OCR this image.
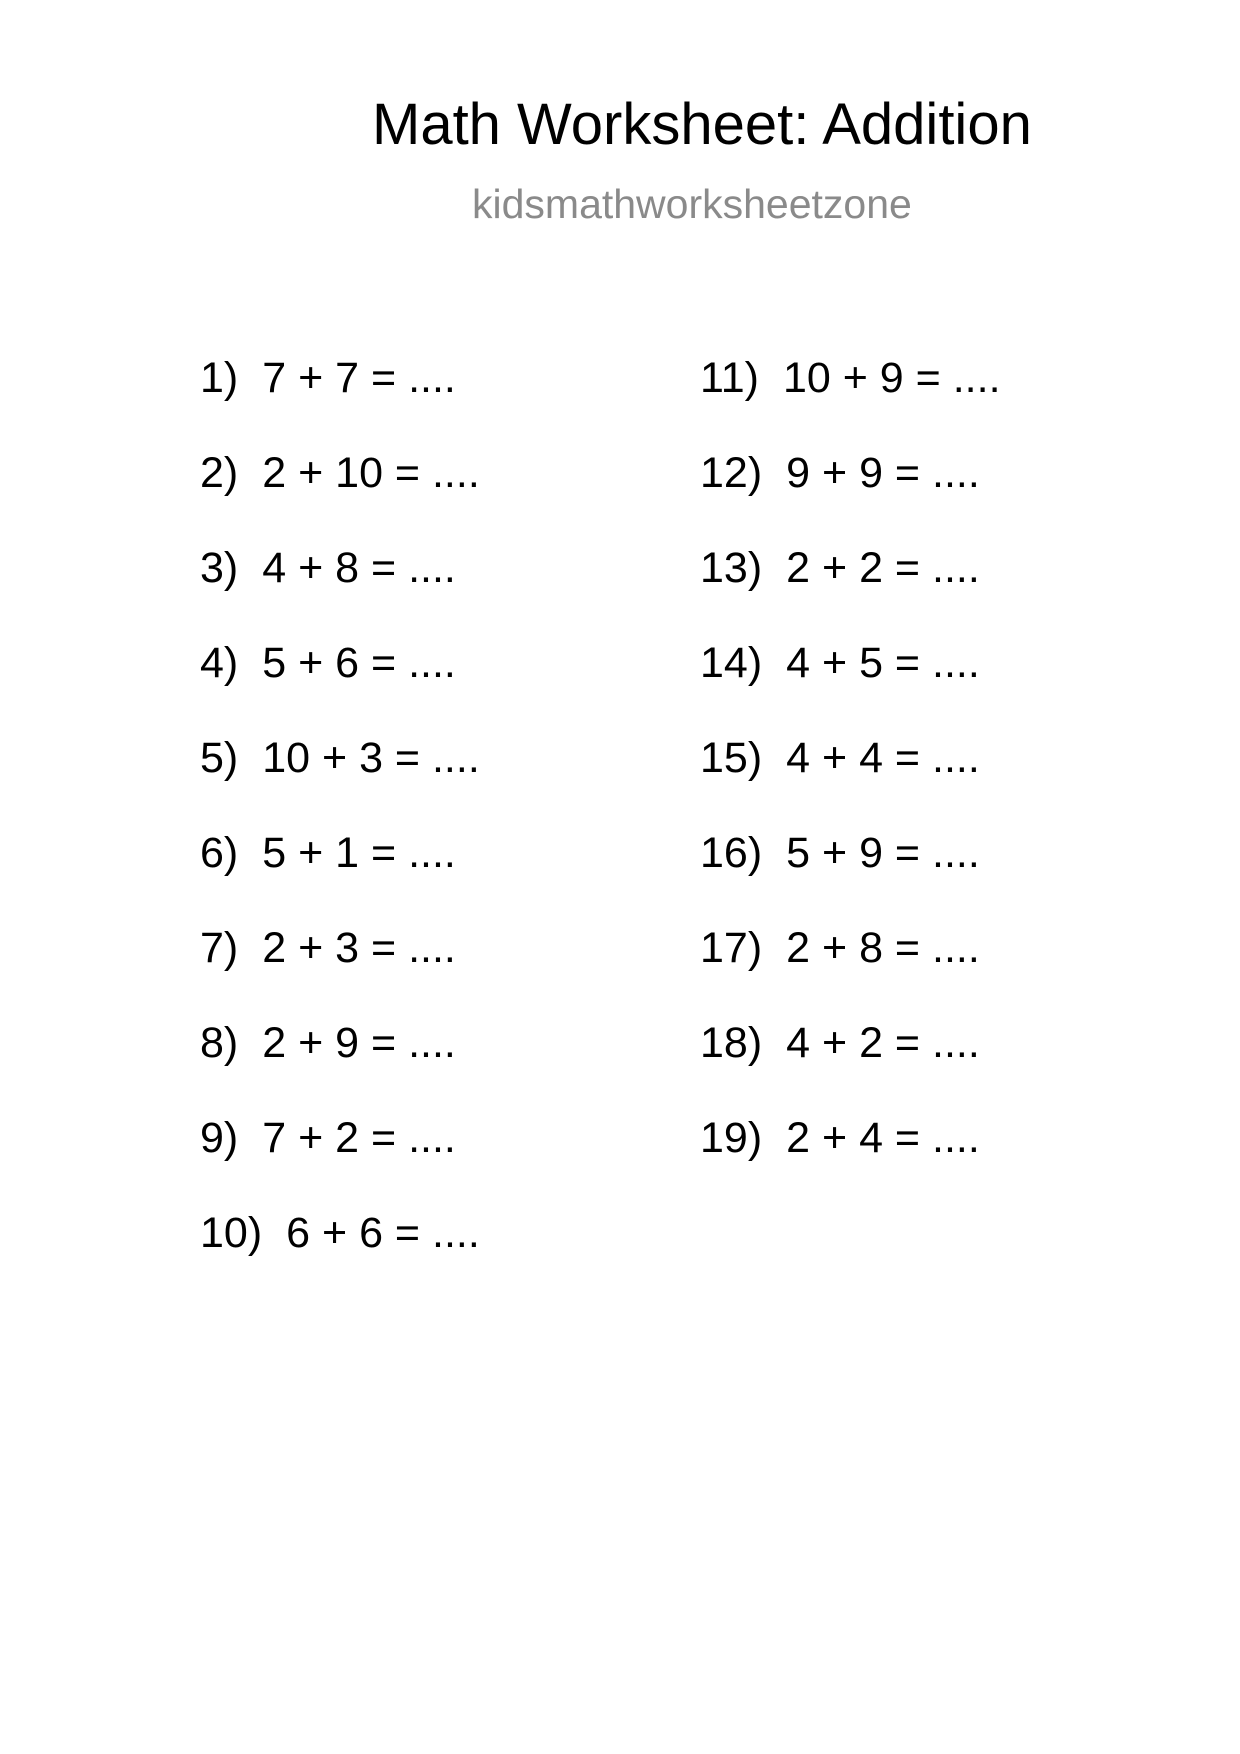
Math Worksheet: Addition
kidsmathworksheetzone
1) 7 + 7 = ....
2) 2 + 10 = ....
3) 4 + 8 = ....
4) 5 + 6 = ....
5) 10 + 3 = ....
6) 5 + 1 = ....
7) 2 + 3 = ....
8) 2 + 9 = ....
9) 7 + 2 = ....
10) 6 + 6 = ....
11) 10 + 9 = ....
12) 9 + 9 = ....
13) 2 + 2 = ....
14) 4 + 5 = ....
15) 4 + 4 = ....
16) 5 + 9 = ....
17) 2 + 8 = ....
18) 4 + 2 = ....
19) 2 + 4 = ....
